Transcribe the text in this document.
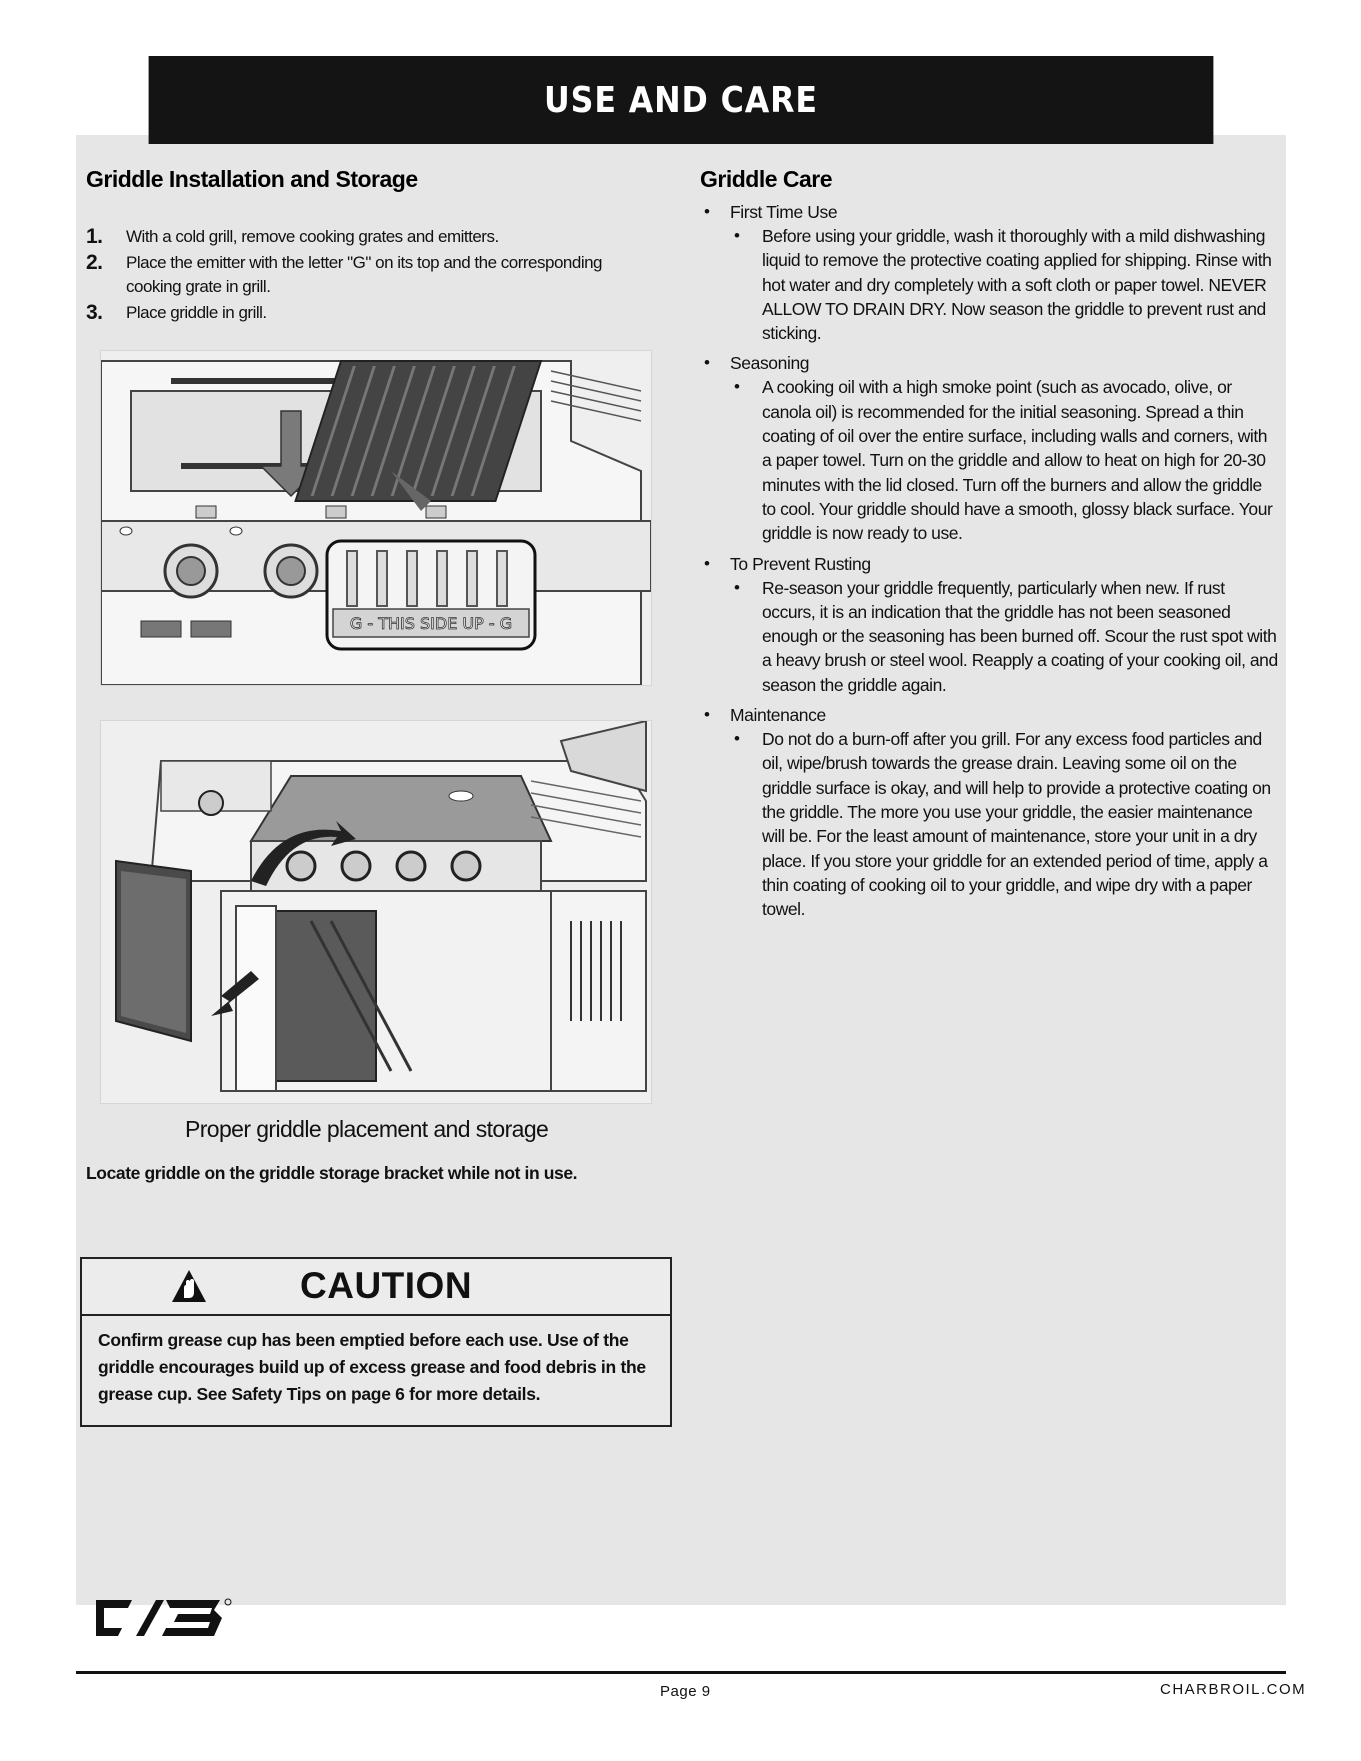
USE AND CARE
Griddle Installation and Storage
1. With a cold grill, remove cooking grates and emitters.
2. Place the emitter with the letter "G" on its top and the corresponding cooking grate in grill.
3. Place griddle in grill.
G - THIS SIDE UP - G
Proper griddle placement and storage
Locate griddle on the griddle storage bracket while not in use.
CAUTION
Confirm grease cup has been emptied before each use. Use of the griddle encourages build up of excess grease and food debris in the grease cup. See Safety Tips on page 6 for more details.
Griddle Care
• First Time Use
• Before using your griddle, wash it thoroughly with a mild dishwashing liquid to remove the protective coating applied for shipping. Rinse with hot water and dry completely with a soft cloth or paper towel. NEVER ALLOW TO DRAIN DRY. Now season the griddle to prevent rust and sticking.
• Seasoning
• A cooking oil with a high smoke point (such as avocado, olive, or canola oil) is recommended for the initial seasoning. Spread a thin coating of oil over the entire surface, including walls and corners, with a paper towel. Turn on the griddle and allow to heat on high for 20-30 minutes with the lid closed. Turn off the burners and allow the griddle to cool. Your griddle should have a smooth, glossy black surface. Your griddle is now ready to use.
• To Prevent Rusting
• Re-season your griddle frequently, particularly when new. If rust occurs, it is an indication that the griddle has not been seasoned enough or the seasoning has been burned off. Scour the rust spot with a heavy brush or steel wool. Reapply a coating of your cooking oil, and season the griddle again.
• Maintenance
• Do not do a burn-off after you grill. For any excess food particles and oil, wipe/brush towards the grease drain. Leaving some oil on the griddle surface is okay, and will help to provide a protective coating on the griddle. The more you use your griddle, the easier maintenance will be. For the least amount of maintenance, store your unit in a dry place. If you store your griddle for an extended period of time, apply a thin coating of cooking oil to your griddle, and wipe dry with a paper towel.
Page 9	CHARBROIL.COM
